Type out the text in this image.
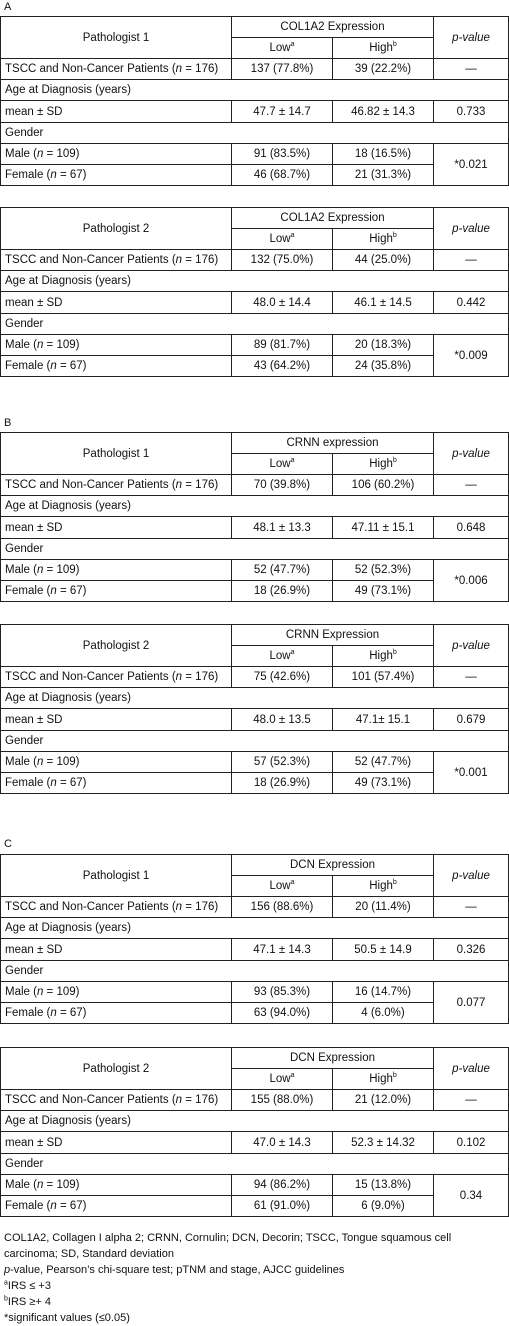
A
B
C
Pathologist 1	COL1A2 Expression		p-value
	Low$^a$	High$^b$
TSCC and Non-Cancer Patients (n = 176)	137 (77.8%)	39 (22.2%)	—
Age at Diagnosis (years)			
mean ± SD	47.7 ± 14.7	46.82 ± 14.3	0.733
Gender			
Male (n = 109)	91 (83.5%)	18 (16.5%)	*0.021
Female (n = 67)	46 (68.7%)	21 (31.3%)	
Pathologist 2	COL1A2 Expression		p-value
	Low$^a$	High$^b$
TSCC and Non-Cancer Patients (n = 176)	132 (75.0%)	44 (25.0%)	—
Age at Diagnosis (years)			
mean ± SD	48.0 ± 14.4	46.1 ± 14.5	0.442
Gender			
Male (n = 109)	89 (81.7%)	20 (18.3%)	*0.009
Female (n = 67)	43 (64.2%)	24 (35.8%)	
Pathologist 1	CRNN expression		p-value
	Low$^a$	High$^b$
TSCC and Non-Cancer Patients (n = 176)	70 (39.8%)	106 (60.2%)	—
Age at Diagnosis (years)			
mean ± SD	48.1 ± 13.3	47.11 ± 15.1	0.648
Gender			
Male (n = 109)	52 (47.7%)	52 (52.3%)	*0.006
Female (n = 67)	18 (26.9%)	49 (73.1%)	
Pathologist 2	CRNN Expression		p-value
	Low$^a$	High$^b$
TSCC and Non-Cancer Patients (n = 176)	75 (42.6%)	101 (57.4%)	—
Age at Diagnosis (years)			
mean ± SD	48.0 ± 13.5	47.1± 15.1	0.679
Gender			
Male (n = 109)	57 (52.3%)	52 (47.7%)	*0.001
Female (n = 67)	18 (26.9%)	49 (73.1%)	
Pathologist 1	DCN Expression		p-value
	Low$^a$	High$^b$
TSCC and Non-Cancer Patients (n = 176)	156 (88.6%)	20 (11.4%)	—
Age at Diagnosis (years)			
mean ± SD	47.1 ± 14.3	50.5 ± 14.9	0.326
Gender			
Male (n = 109)	93 (85.3%)	16 (14.7%)	0.077
Female (n = 67)	63 (94.0%)	4 (6.0%)	
Pathologist 2	DCN Expression		p-value
	Low$^a$	High$^b$
TSCC and Non-Cancer Patients (n = 176)	155 (88.0%)	21 (12.0%)	—
Age at Diagnosis (years)			
mean ± SD	47.0 ± 14.3	52.3 ± 14.32	0.102
Gender			
Male (n = 109)	94 (86.2%)	15 (13.8%)	0.34
Female (n = 67)	61 (91.0%)	6 (9.0%)	
COL1A2, Collagen I alpha 2; CRNN, Cornulin; DCN, Decorin; TSCC, Tongue squamous cell carcinoma; SD, Standard deviation
p-value, Pearson’s chi-square test; pTNM and stage, AJCC guidelines
$^a$IRS ≤ +3
$^b$IRS ≥+ 4
*significant values (≤0.05)
